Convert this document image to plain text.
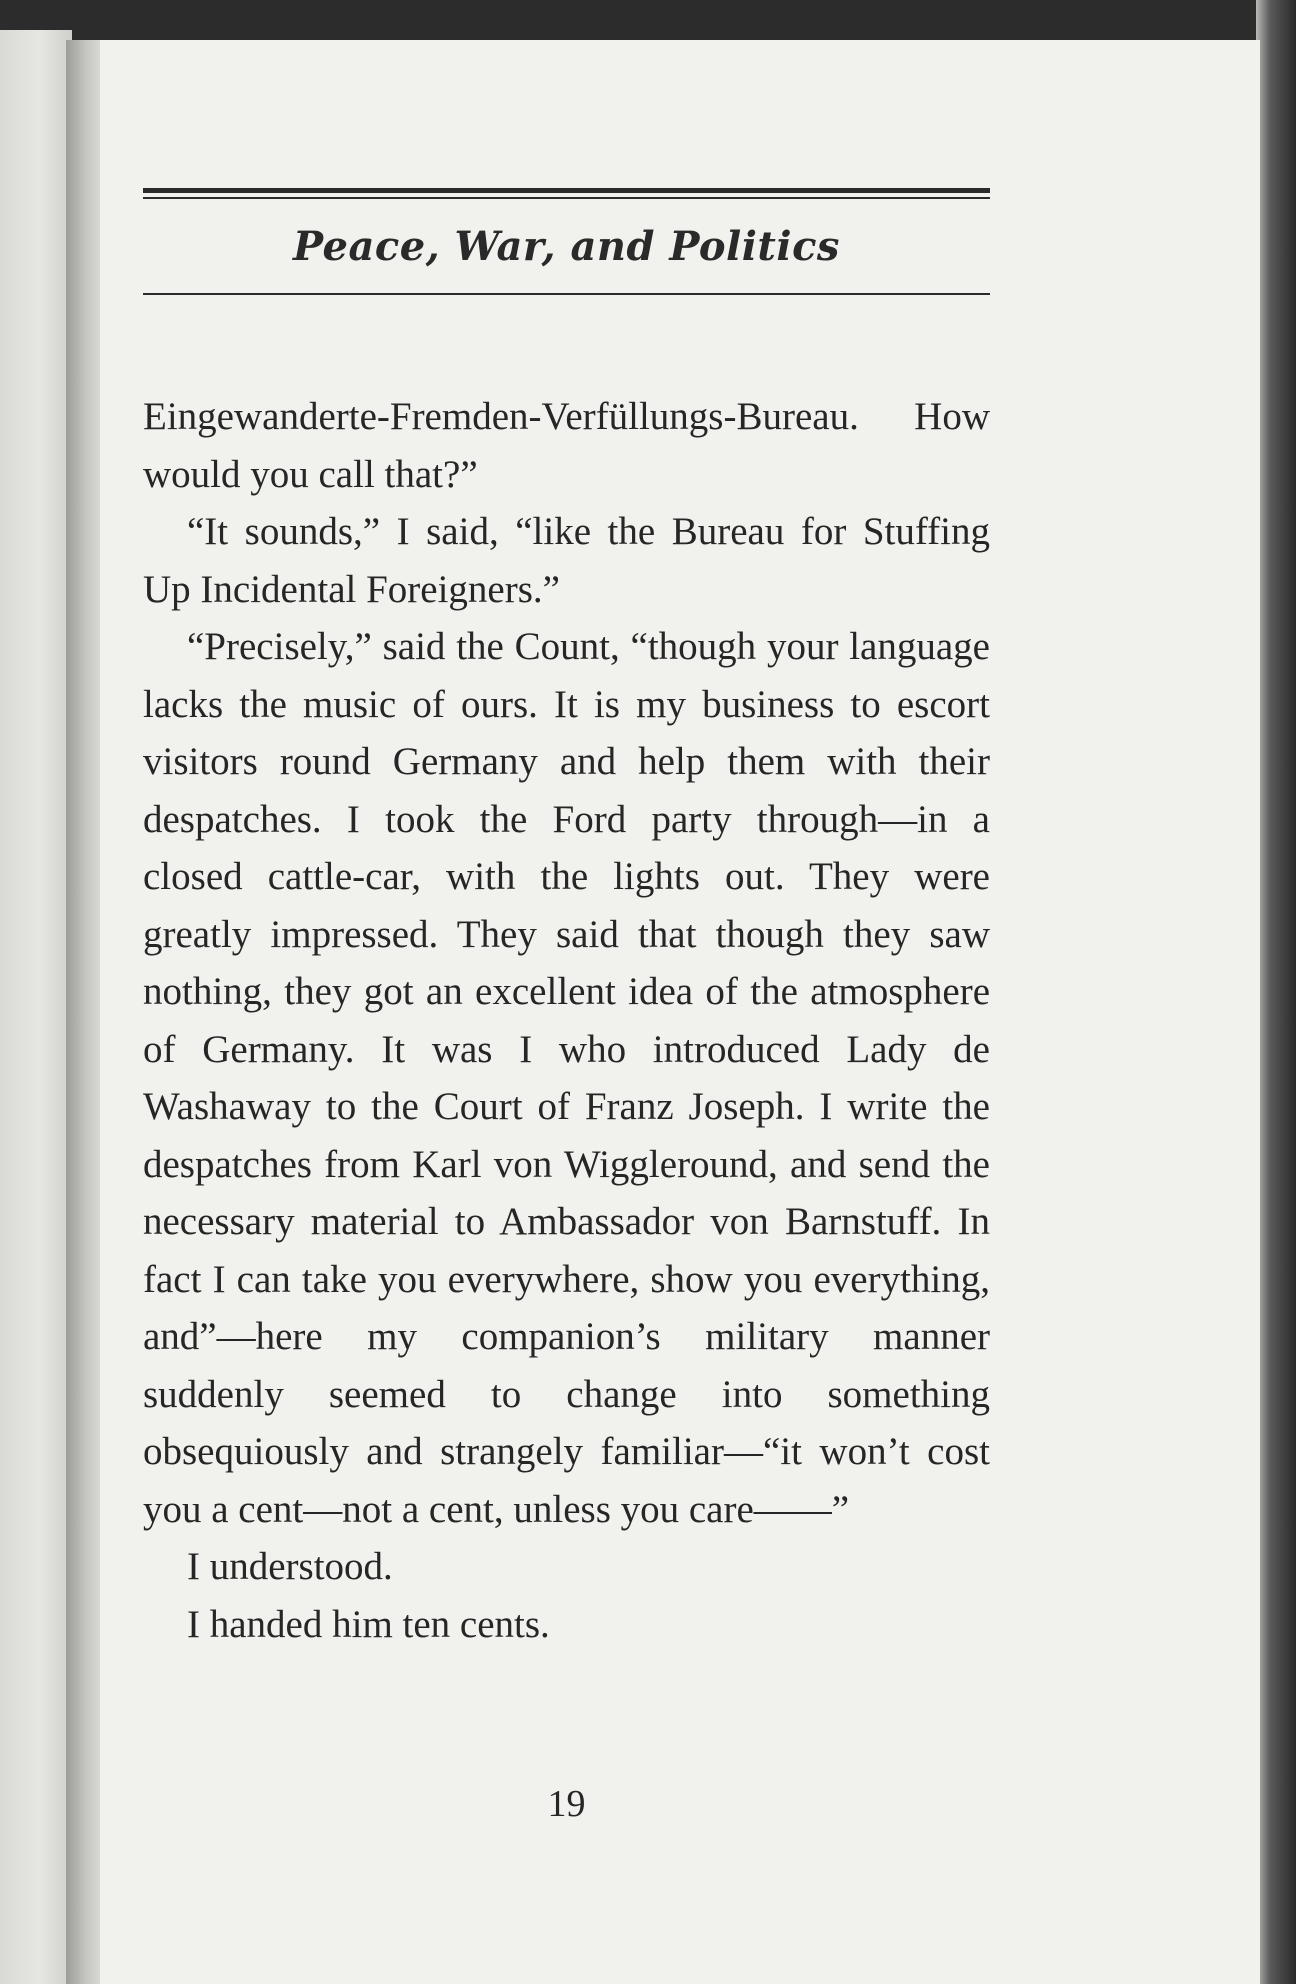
Peace, War, and Politics

Eingewanderte-Fremden-Verfüllungs-Bureau. How would you call that?”

“It sounds,” I said, “like the Bureau for Stuffing Up Incidental Foreigners.”

“Precisely,” said the Count, “though your language lacks the music of ours. It is my business to escort visitors round Germany and help them with their despatches. I took the Ford party through—in a closed cattle-car, with the lights out. They were greatly impressed. They said that though they saw nothing, they got an excellent idea of the atmosphere of Germany. It was I who introduced Lady de Washaway to the Court of Franz Joseph. I write the despatches from Karl von Wiggleround, and send the necessary material to Ambassador von Barnstuff. In fact I can take you everywhere, show you everything, and”—here my companion’s military manner suddenly seemed to change into something obsequiously and strangely familiar—“it won’t cost you a cent—not a cent, unless you care——”

I understood.

I handed him ten cents.

19
